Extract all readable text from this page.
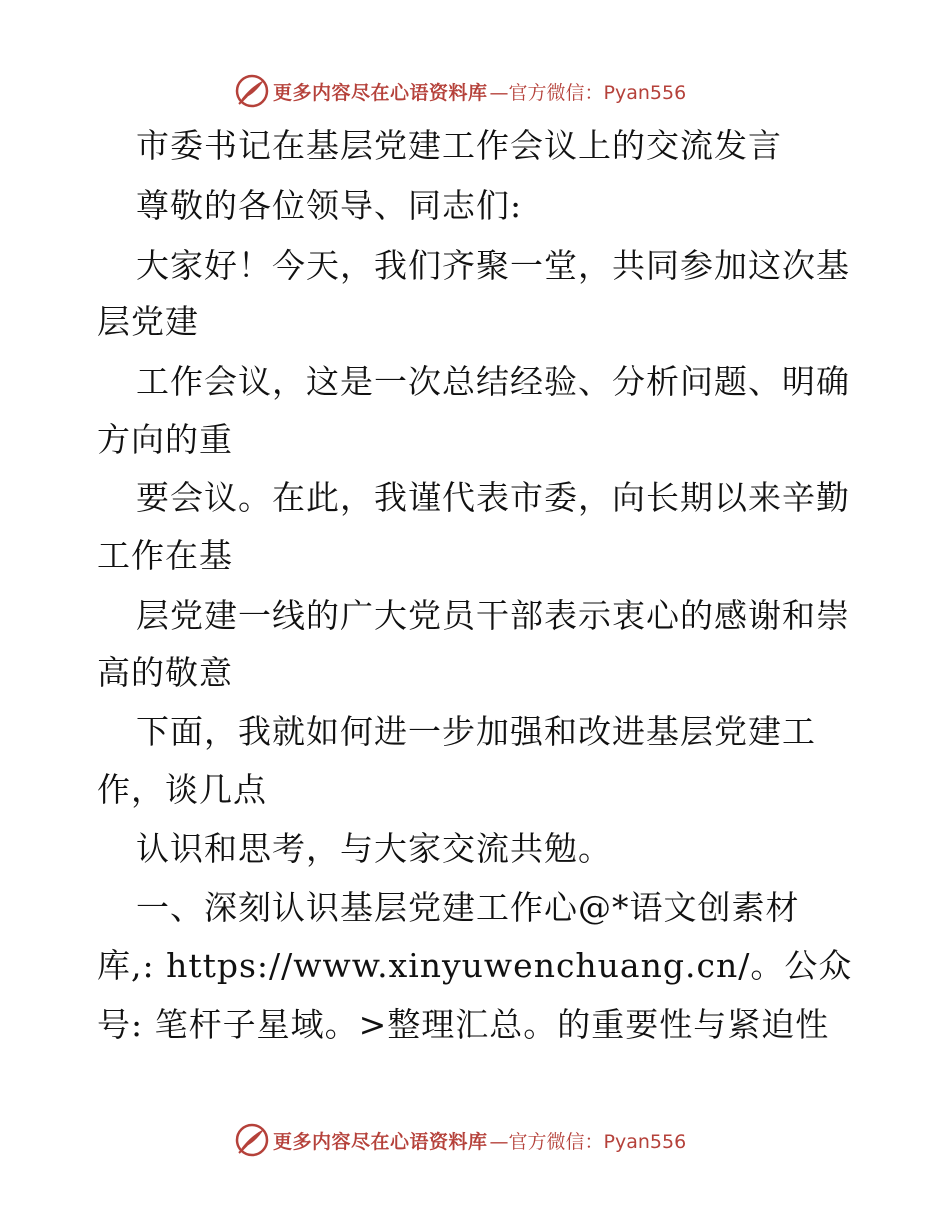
更多内容尽在心语资料库 —官方微信：Pyan556
市委书记在基层党建工作会议上的交流发言
尊敬的各位领导、同志们:
大家好！今天，我们齐聚一堂，共同参加这次基
层党建
工作会议，这是一次总结经验、分析问题、明确
方向的重
要会议。在此，我谨代表市委，向长期以来辛勤
工作在基
层党建一线的广大党员干部表示衷心的感谢和崇
高的敬意
下面，我就如何进一步加强和改进基层党建工
作，谈几点
认识和思考，与大家交流共勉。
一、深刻认识基层党建工作心@*语文创素材
库,: https://www.xinyuwenchuang.cn/。公众
号: 笔杆子星域。>整理汇总。的重要性与紧迫性
更多内容尽在心语资料库 —官方微信：Pyan556
